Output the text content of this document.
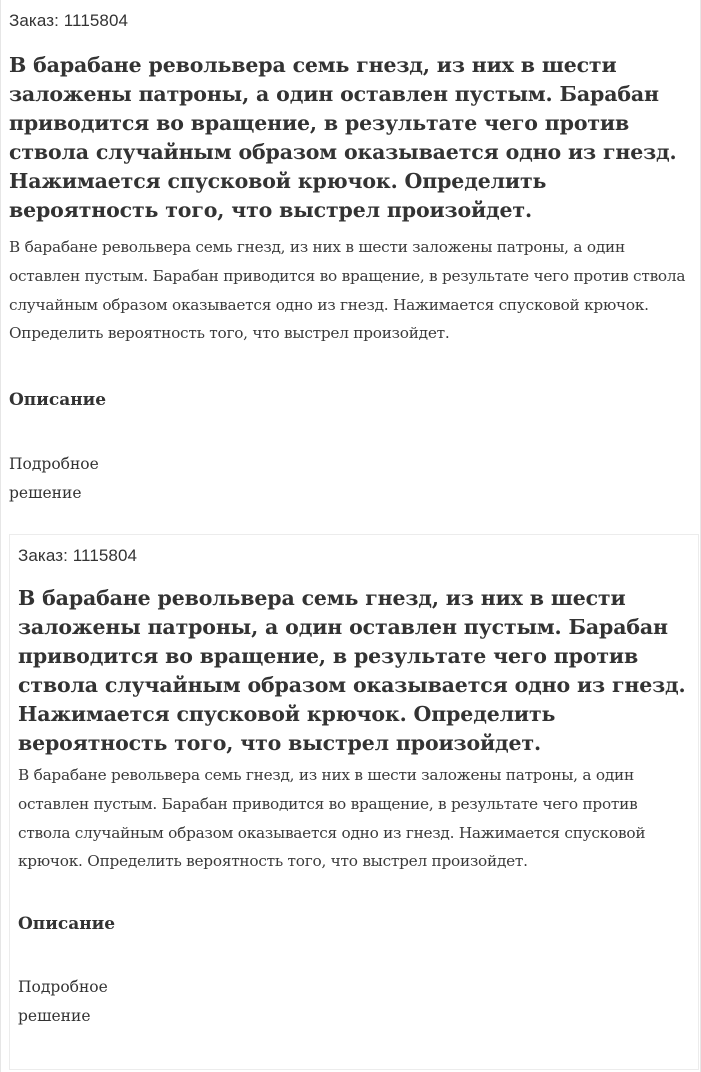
Заказ: 1115804
В барабане револьвера семь гнезд, из них в шести заложены патроны, а один оставлен пустым. Барабан приводится во вращение, в результате чего против ствола случайным образом оказывается одно из гнезд. Нажимается спусковой крючок. Определить вероятность того, что выстрел произойдет.

В барабане револьвера семь гнезд, из них в шести заложены патроны, а один оставлен пустым. Барабан приводится во вращение, в результате чего против ствола случайным образом оказывается одно из гнезд. Нажимается спусковой крючок. Определить вероятность того, что выстрел произойдет.

Описание

Подробное
решение

Заказ: 1115804
В барабане револьвера семь гнезд, из них в шести заложены патроны, а один оставлен пустым. Барабан приводится во вращение, в результате чего против ствола случайным образом оказывается одно из гнезд. Нажимается спусковой крючок. Определить вероятность того, что выстрел произойдет.

В барабане револьвера семь гнезд, из них в шести заложены патроны, а один оставлен пустым. Барабан приводится во вращение, в результате чего против ствола случайным образом оказывается одно из гнезд. Нажимается спусковой крючок. Определить вероятность того, что выстрел произойдет.

Описание

Подробное
решение
